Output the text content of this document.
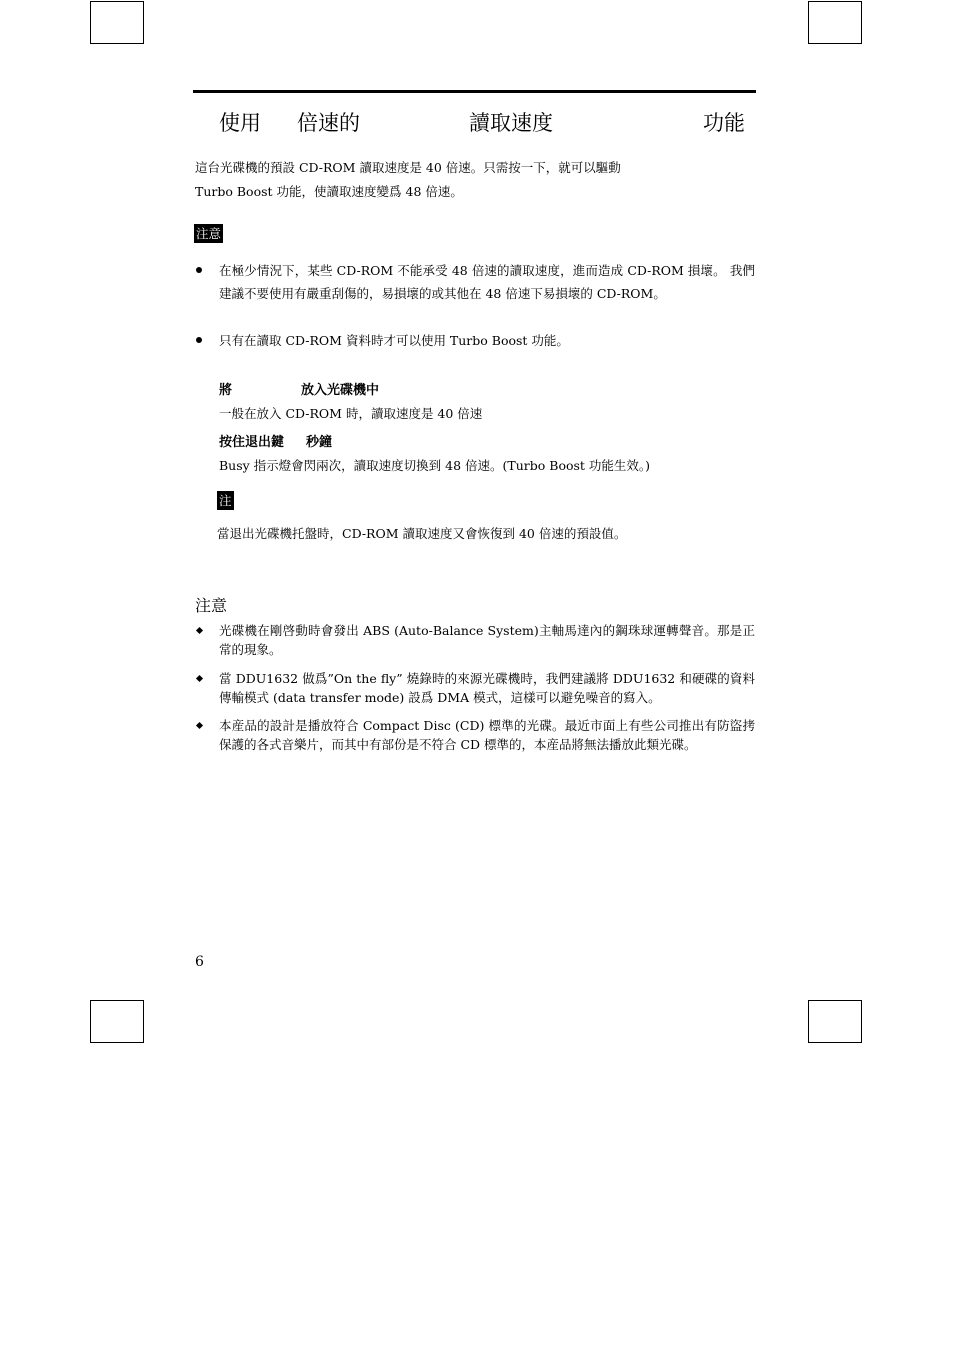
使用 倍速的	讀取速度	功能
這台光碟機的預設 CD-ROM 讀取速度是 40 倍速。只需按一下，就可以驅動
Turbo Boost 功能，使讀取速度變爲 48 倍速。
注意
在極少情況下，某些 CD-ROM 不能承受 48 倍速的讀取速度，進而造成 CD-ROM 損壞。 我們建議不要使用有嚴重刮傷的，易損壞的或其他在 48 倍速下易損壞的 CD-ROM。
只有在讀取 CD-ROM 資料時才可以使用 Turbo Boost 功能。
將	放入光碟機中
一般在放入 CD-ROM 時，讀取速度是 40 倍速
按住退出鍵 秒鐘
Busy 指示燈會閃兩次，讀取速度切換到 48 倍速。(Turbo Boost 功能生效。)
注
當退出光碟機托盤時，CD-ROM 讀取速度又會恢復到 40 倍速的預設值。
注意
光碟機在剛啓動時會發出 ABS (Auto-Balance System)主軸馬達內的鋼珠球運轉聲音。那是正常的現象。
當 DDU1632 做爲”On the fly” 燒錄時的來源光碟機時，我們建議將 DDU1632 和硬碟的資料傳輸模式 (data transfer mode) 設爲 DMA 模式，這樣可以避免噪音的寫入。
本産品的設計是播放符合 Compact Disc (CD) 標準的光碟。最近市面上有些公司推出有防盜拷保護的各式音樂片，而其中有部份是不符合 CD 標準的，本産品將無法播放此類光碟。
6
